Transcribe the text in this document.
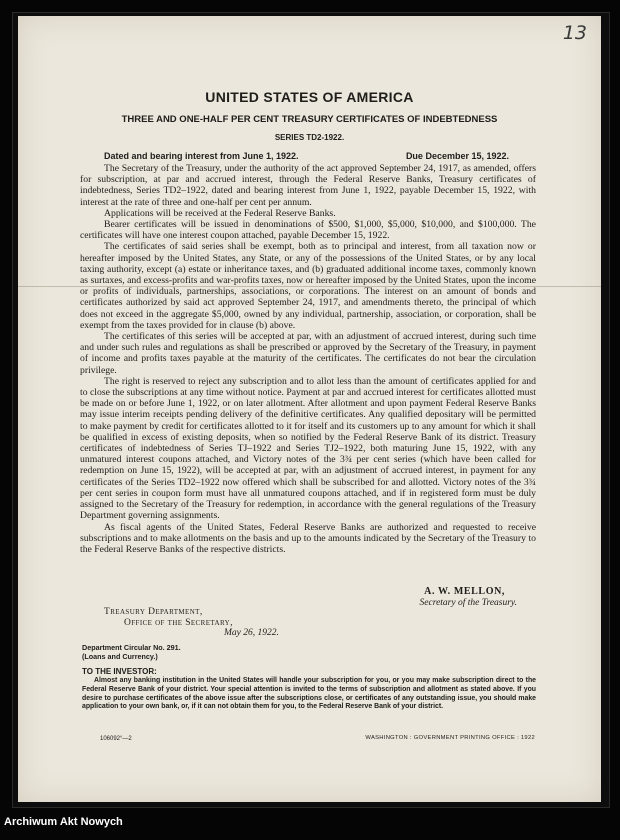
13
UNITED STATES OF AMERICA
THREE AND ONE-HALF PER CENT TREASURY CERTIFICATES OF INDEBTEDNESS
SERIES TD2-1922.
Dated and bearing interest from June 1, 1922.	Due December 15, 1922.

The Secretary of the Treasury, under the authority of the act approved September 24, 1917, as amended, offers for subscription, at par and accrued interest, through the Federal Reserve Banks, Treasury certificates of indebtedness, Series TD2–1922, dated and bearing interest from June 1, 1922, payable December 15, 1922, with interest at the rate of three and one-half per cent per annum.

Applications will be received at the Federal Reserve Banks.

Bearer certificates will be issued in denominations of $500, $1,000, $5,000, $10,000, and $100,000. The certificates will have one interest coupon attached, payable December 15, 1922.

The certificates of said series shall be exempt, both as to principal and interest, from all taxation now or hereafter imposed by the United States, any State, or any of the possessions of the United States, or by any local taxing authority, except (a) estate or inheritance taxes, and (b) graduated additional income taxes, commonly known as surtaxes, and excess-profits and war-profits taxes, now or hereafter imposed by the United States, upon the income or profits of individuals, partnerships, associations, or corporations. The interest on an amount of bonds and certificates authorized by said act approved September 24, 1917, and amendments thereto, the principal of which does not exceed in the aggregate $5,000, owned by any individual, partnership, association, or corporation, shall be exempt from the taxes provided for in clause (b) above.

The certificates of this series will be accepted at par, with an adjustment of accrued interest, during such time and under such rules and regulations as shall be prescribed or approved by the Secretary of the Treasury, in payment of income and profits taxes payable at the maturity of the certificates. The certificates do not bear the circulation privilege.

The right is reserved to reject any subscription and to allot less than the amount of certificates applied for and to close the subscriptions at any time without notice. Payment at par and accrued interest for certificates allotted must be made on or before June 1, 1922, or on later allotment. After allotment and upon payment Federal Reserve Banks may issue interim receipts pending delivery of the definitive certificates. Any qualified depositary will be permitted to make payment by credit for certificates allotted to it for itself and its customers up to any amount for which it shall be qualified in excess of existing deposits, when so notified by the Federal Reserve Bank of its district. Treasury certificates of indebtedness of Series TJ–1922 and Series TJ2–1922, both maturing June 15, 1922, with any unmatured interest coupons attached, and Victory notes of the 3¾ per cent series (which have been called for redemption on June 15, 1922), will be accepted at par, with an adjustment of accrued interest, in payment for any certificates of the Series TD2–1922 now offered which shall be subscribed for and allotted. Victory notes of the 3¾ per cent series in coupon form must have all unmatured coupons attached, and if in registered form must be duly assigned to the Secretary of the Treasury for redemption, in accordance with the general regulations of the Treasury Department governing assignments.

As fiscal agents of the United States, Federal Reserve Banks are authorized and requested to receive subscriptions and to make allotments on the basis and up to the amounts indicated by the Secretary of the Treasury to the Federal Reserve Banks of the respective districts.

A. W. MELLON,
Secretary of the Treasury.
Treasury Department,
Office of the Secretary,
May 26, 1922.
Department Circular No. 291.
(Loans and Currency.)
TO THE INVESTOR:
Almost any banking institution in the United States will handle your subscription for you, or you may make subscription direct to the Federal Reserve Bank of your district. Your special attention is invited to the terms of subscription and allotment as stated above. If you desire to purchase certificates of the above issue after the subscriptions close, or certificates of any outstanding issue, you should make application to your own bank, or, if it can not obtain them for you, to the Federal Reserve Bank of your district.
106092°—2	WASHINGTON : GOVERNMENT PRINTING OFFICE : 1922
Archiwum Akt Nowych
